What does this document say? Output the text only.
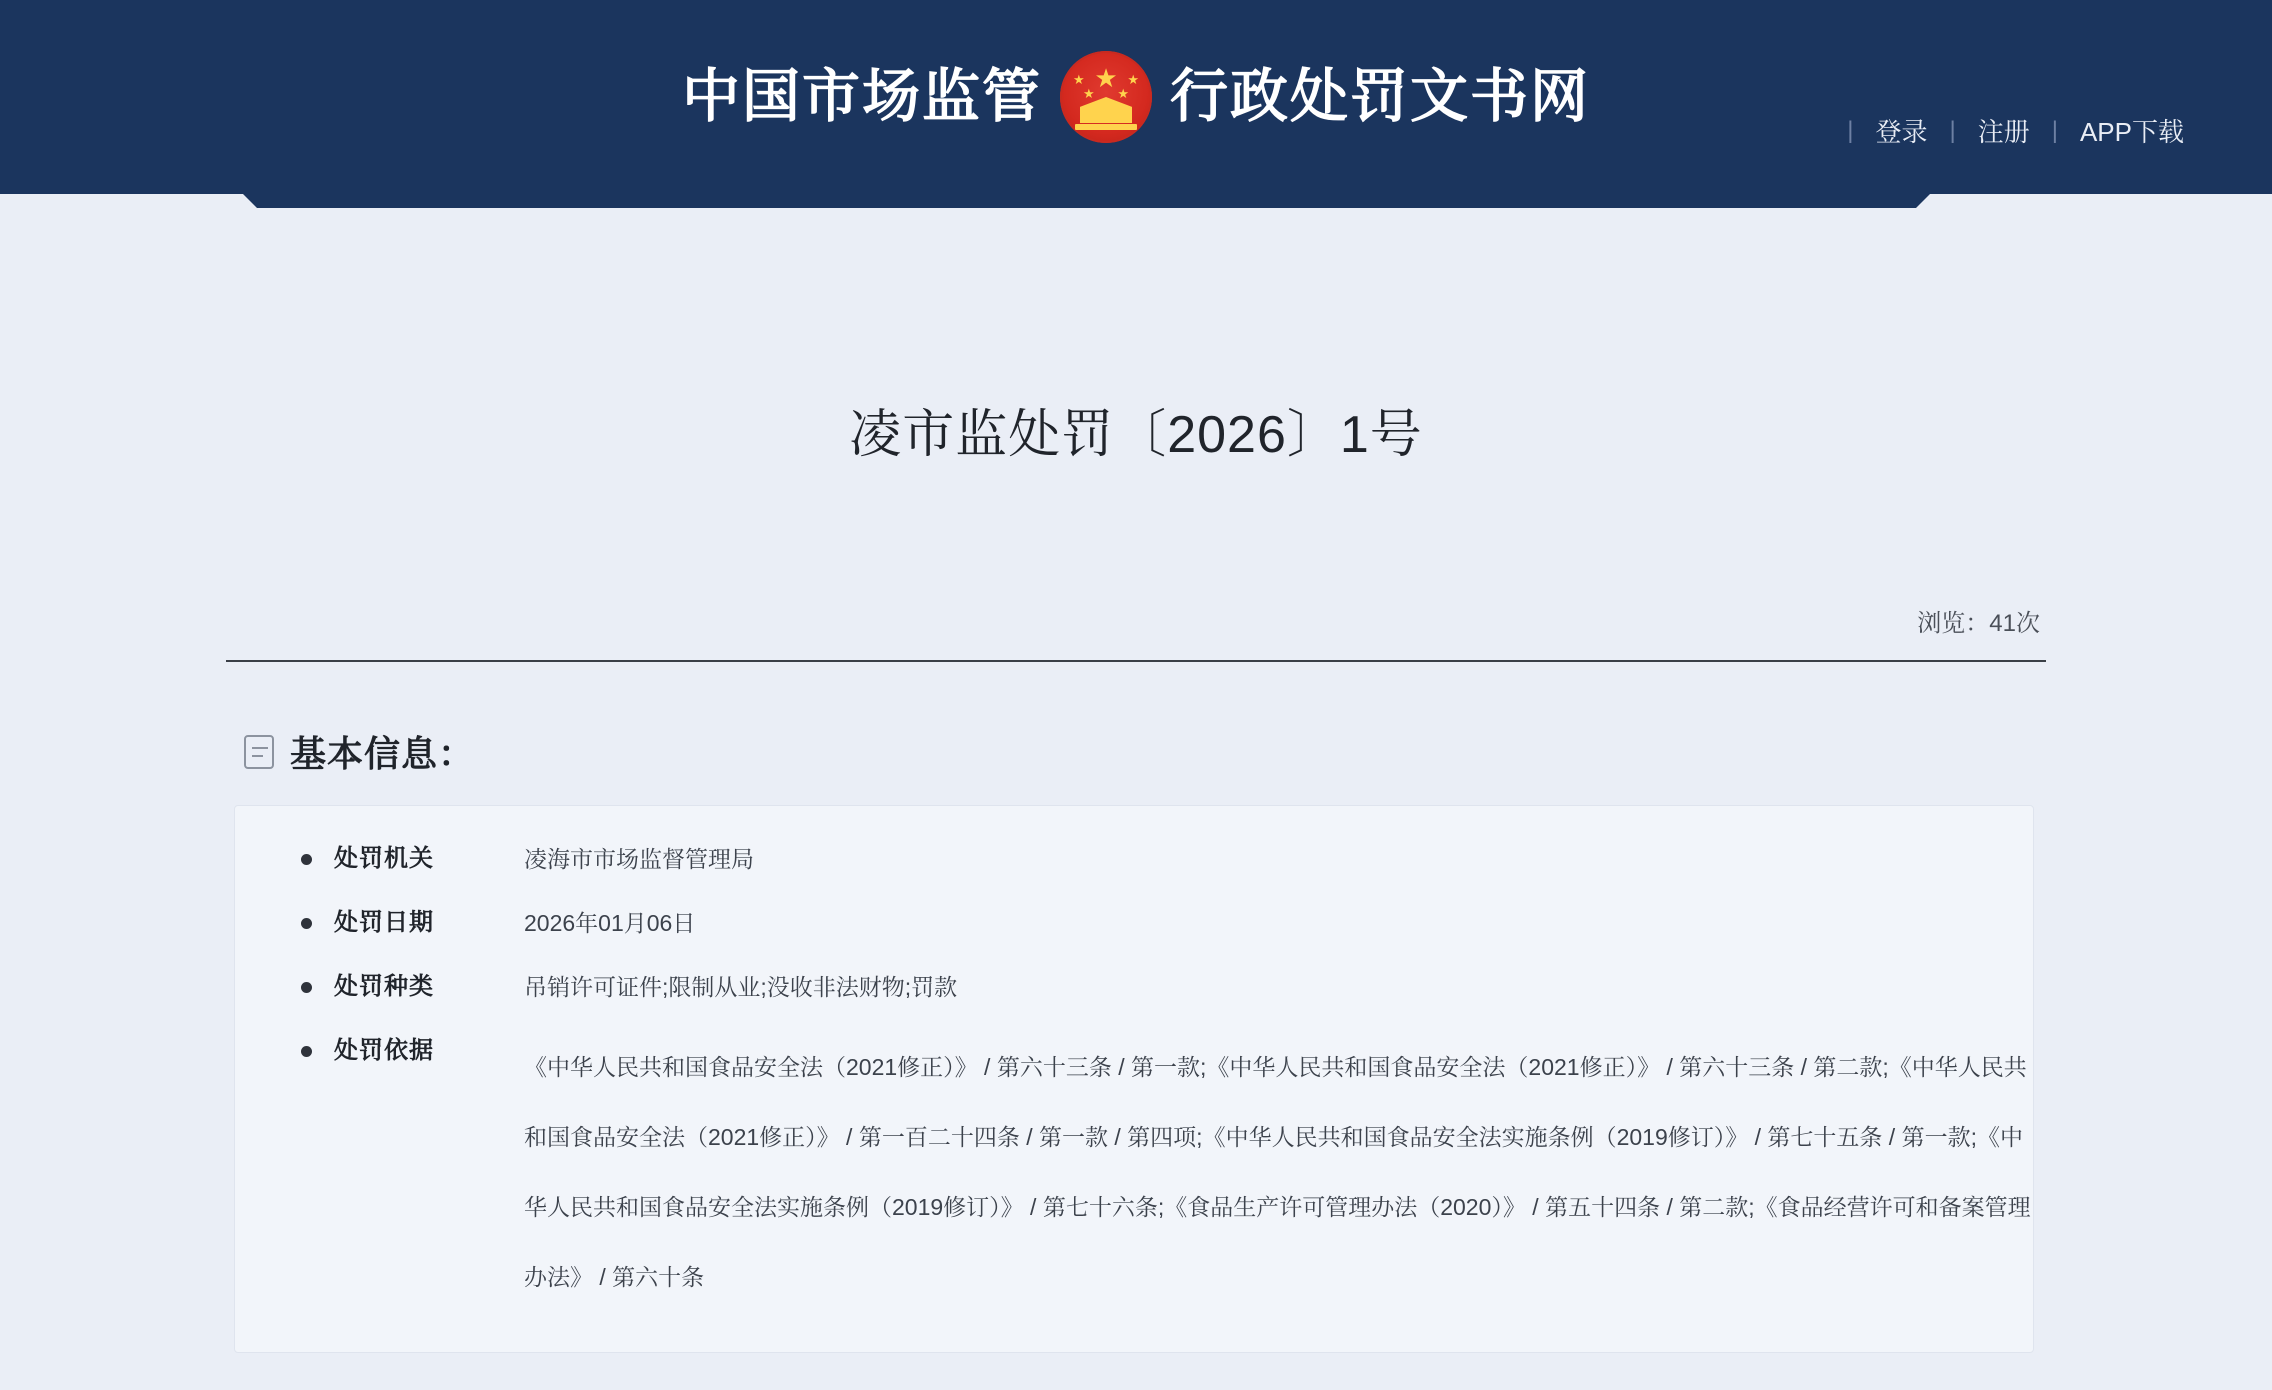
中国市场监管 ★
★
★ ★
★ 行政处罚文书网
| 登录 | 注册 | APP下载
凌市监处罚〔2026〕1号
浏览：41次
基本信息：
处罚机关	凌海市市场监督管理局
处罚日期	2026年01月06日
处罚种类	吊销许可证件;限制从业;没收非法财物;罚款
处罚依据
《中华人民共和国食品安全法（2021修正）》 / 第六十三条 / 第一款;《中华人民共和国食品安全法（2021修正）》 / 第六十三条 / 第二款;《中华人民共和国食品安全法（2021修正）》 / 第一百二十四条 / 第一款 / 第四项;《中华人民共和国食品安全法实施条例（2019修订）》 / 第七十五条 / 第一款;《中华人民共和国食品安全法实施条例（2019修订）》 / 第七十六条;《食品生产许可管理办法（2020）》 / 第五十四条 / 第二款;《食品经营许可和备案管理办法》 / 第六十条
